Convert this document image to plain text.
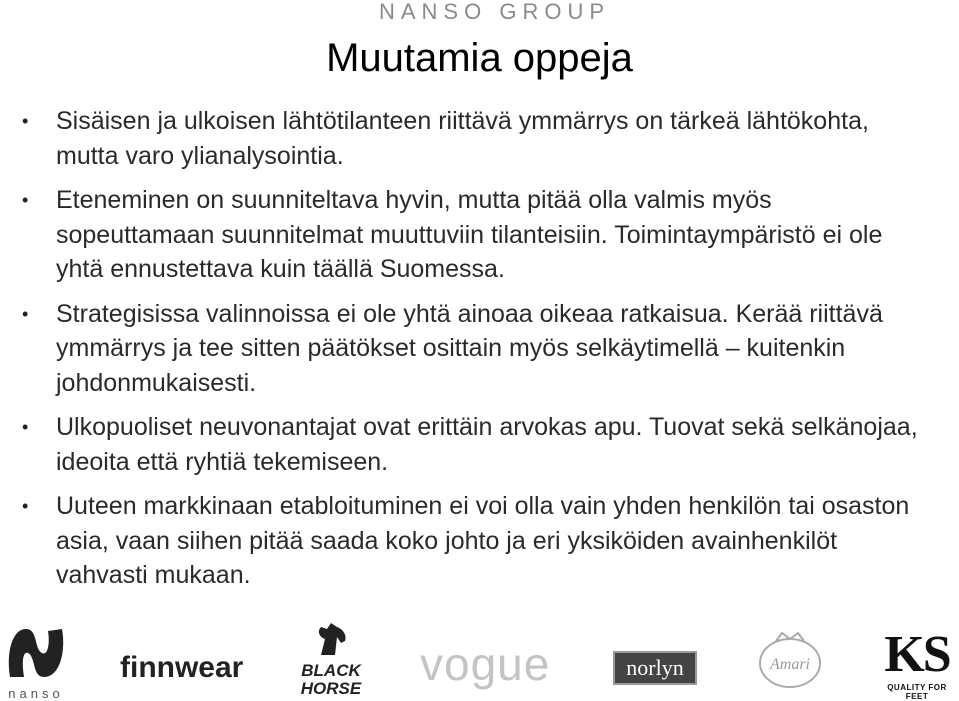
NANSO GROUP
Muutamia oppeja
• Sisäisen ja ulkoisen lähtötilanteen riittävä ymmärrys on tärkeä lähtökohta, mutta varo ylianalysointia.
• Eteneminen on suunniteltava hyvin, mutta pitää olla valmis myös sopeuttamaan suunnitelmat muuttuviin tilanteisiin. Toimintaympäristö ei ole yhtä ennustettava kuin täällä Suomessa.
• Strategisissa valinnoissa ei ole yhtä ainoaa oikeaa ratkaisua. Kerää riittävä ymmärrys ja tee sitten päätökset osittain myös selkäytimellä – kuitenkin johdonmukaisesti.
• Ulkopuoliset neuvonantajat ovat erittäin arvokas apu. Tuovat sekä selkänojaa, ideoita että ryhtiä tekemiseen.
• Uuteen markkinaan etabloituminen ei voi olla vain yhden henkilön tai osaston asia, vaan siihen pitää saada koko johto ja eri yksiköiden avainhenkilöt vahvasti mukaan.
nanso
finnwear	BLACK
HORSE vogue	norlyn	Amari KS
QUALITY FOR FEET
